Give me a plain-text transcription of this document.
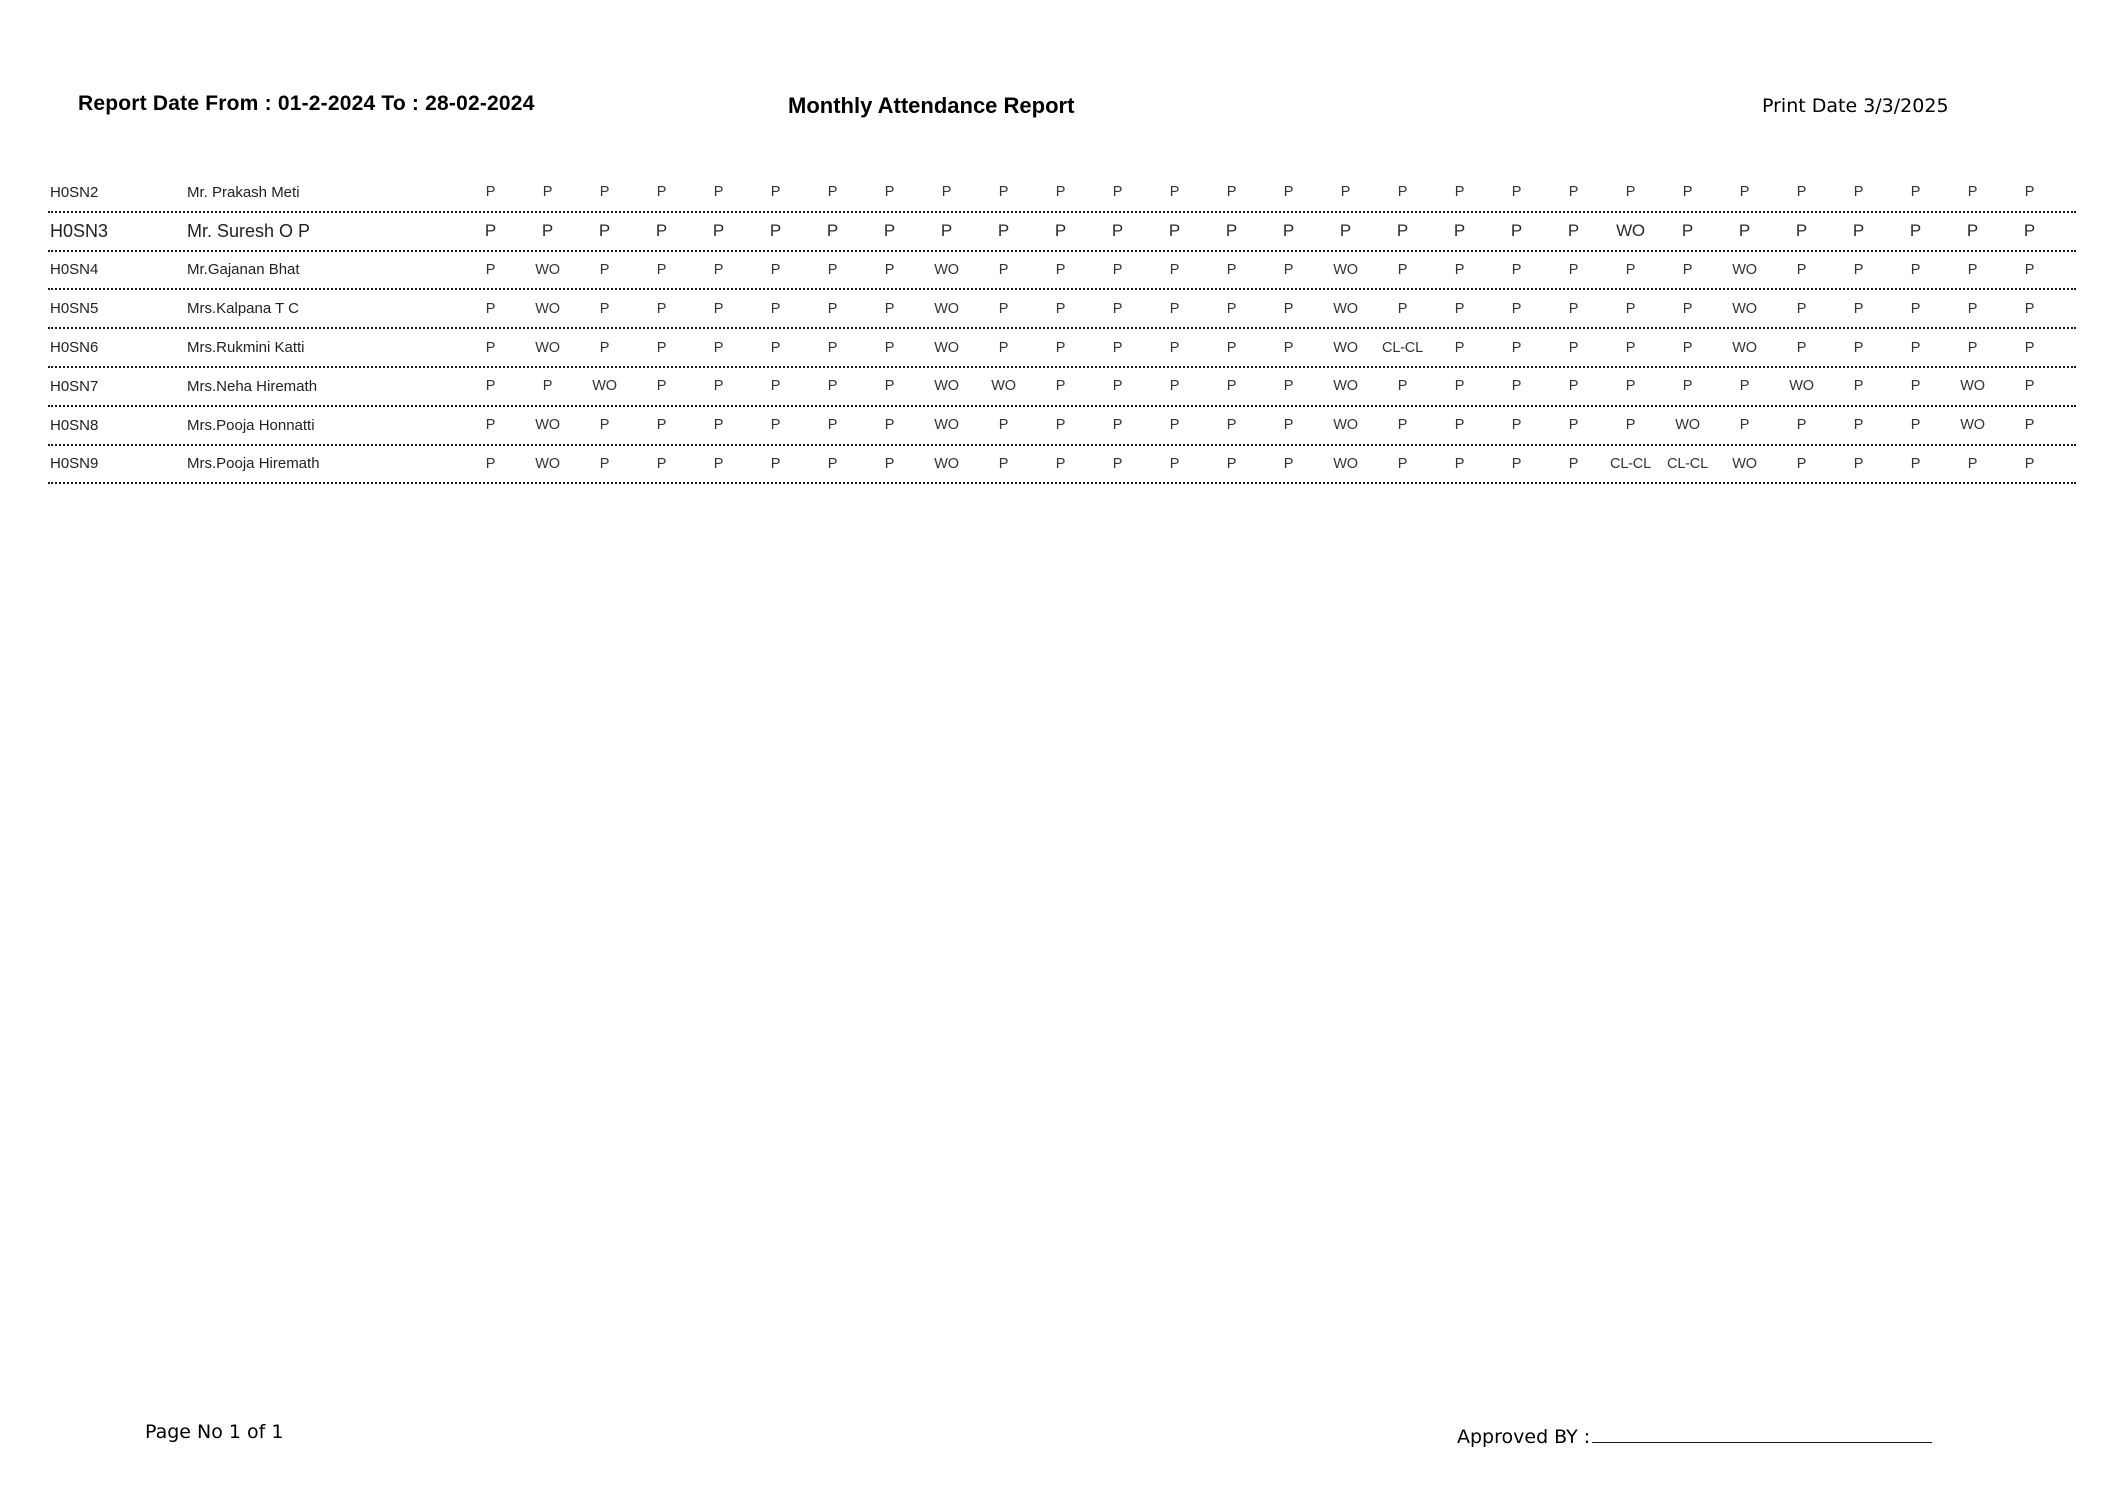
Report Date From : 01-2-2024 To : 28-02-2024	Monthly Attendance Report	Print Date 3/3/2025
H0SN2	Mr. Prakash Meti	P	P	P	P	P	P	P	P	P	P	P	P	P	P	P	P	P	P	P	P	P	P	P	P	P	P	P	P
H0SN3	Mr. Suresh O P	P	P	P	P	P	P	P	P	P	P	P	P	P	P	P	P	P	P	P	P	WO	P	P	P	P	P	P	P
H0SN4	Mr.Gajanan Bhat	P	WO	P	P	P	P	P	P	WO	P	P	P	P	P	P	WO	P	P	P	P	P	P	WO	P	P	P	P	P
H0SN5	Mrs.Kalpana T C	P	WO	P	P	P	P	P	P	WO	P	P	P	P	P	P	WO	P	P	P	P	P	P	WO	P	P	P	P	P
H0SN6	Mrs.Rukmini Katti	P	WO	P	P	P	P	P	P	WO	P	P	P	P	P	P	WO	CL-CL	P	P	P	P	P	WO	P	P	P	P	P
H0SN7	Mrs.Neha Hiremath	P	P	WO	P	P	P	P	P	WO	WO	P	P	P	P	P	WO	P	P	P	P	P	P	P	WO	P	P	WO	P
H0SN8	Mrs.Pooja Honnatti	P	WO	P	P	P	P	P	P	WO	P	P	P	P	P	P	WO	P	P	P	P	P	WO	P	P	P	P	WO	P
H0SN9	Mrs.Pooja Hiremath	P	WO	P	P	P	P	P	P	WO	P	P	P	P	P	P	WO	P	P	P	P	CL-CL	CL-CL	WO	P	P	P	P	P
Page No 1 of 1	Approved BY :
